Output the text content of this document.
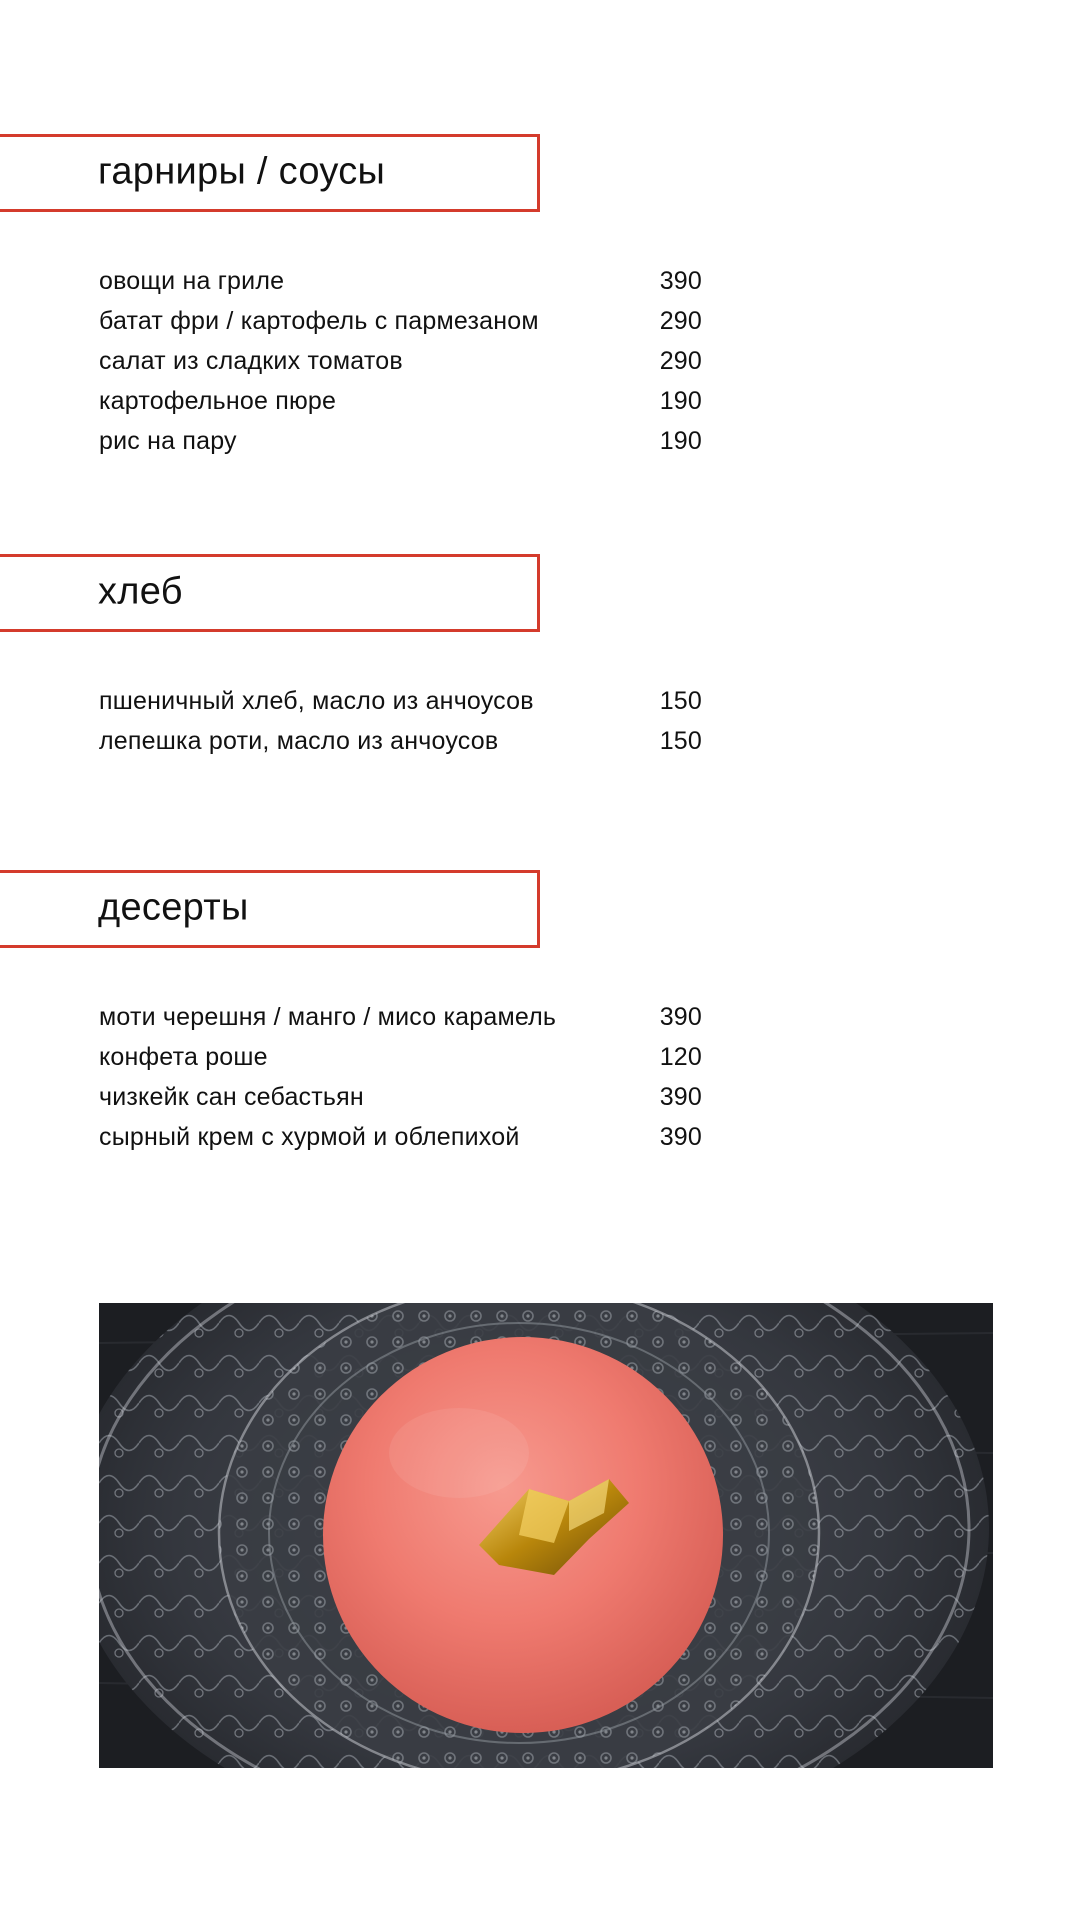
гарниры / соусы
овощи на гриле	390
батат фри / картофель с пармезаном	290
салат из сладких томатов	290
картофельное пюре	190
рис на пару	190
хлеб
пшеничный хлеб, масло из анчоусов	150
лепешка роти, масло из анчоусов	150
десерты
моти черешня / манго / мисо карамель	390
конфета роше	120
чизкейк сан себастьян	390
сырный крем с хурмой и облепихой	390
